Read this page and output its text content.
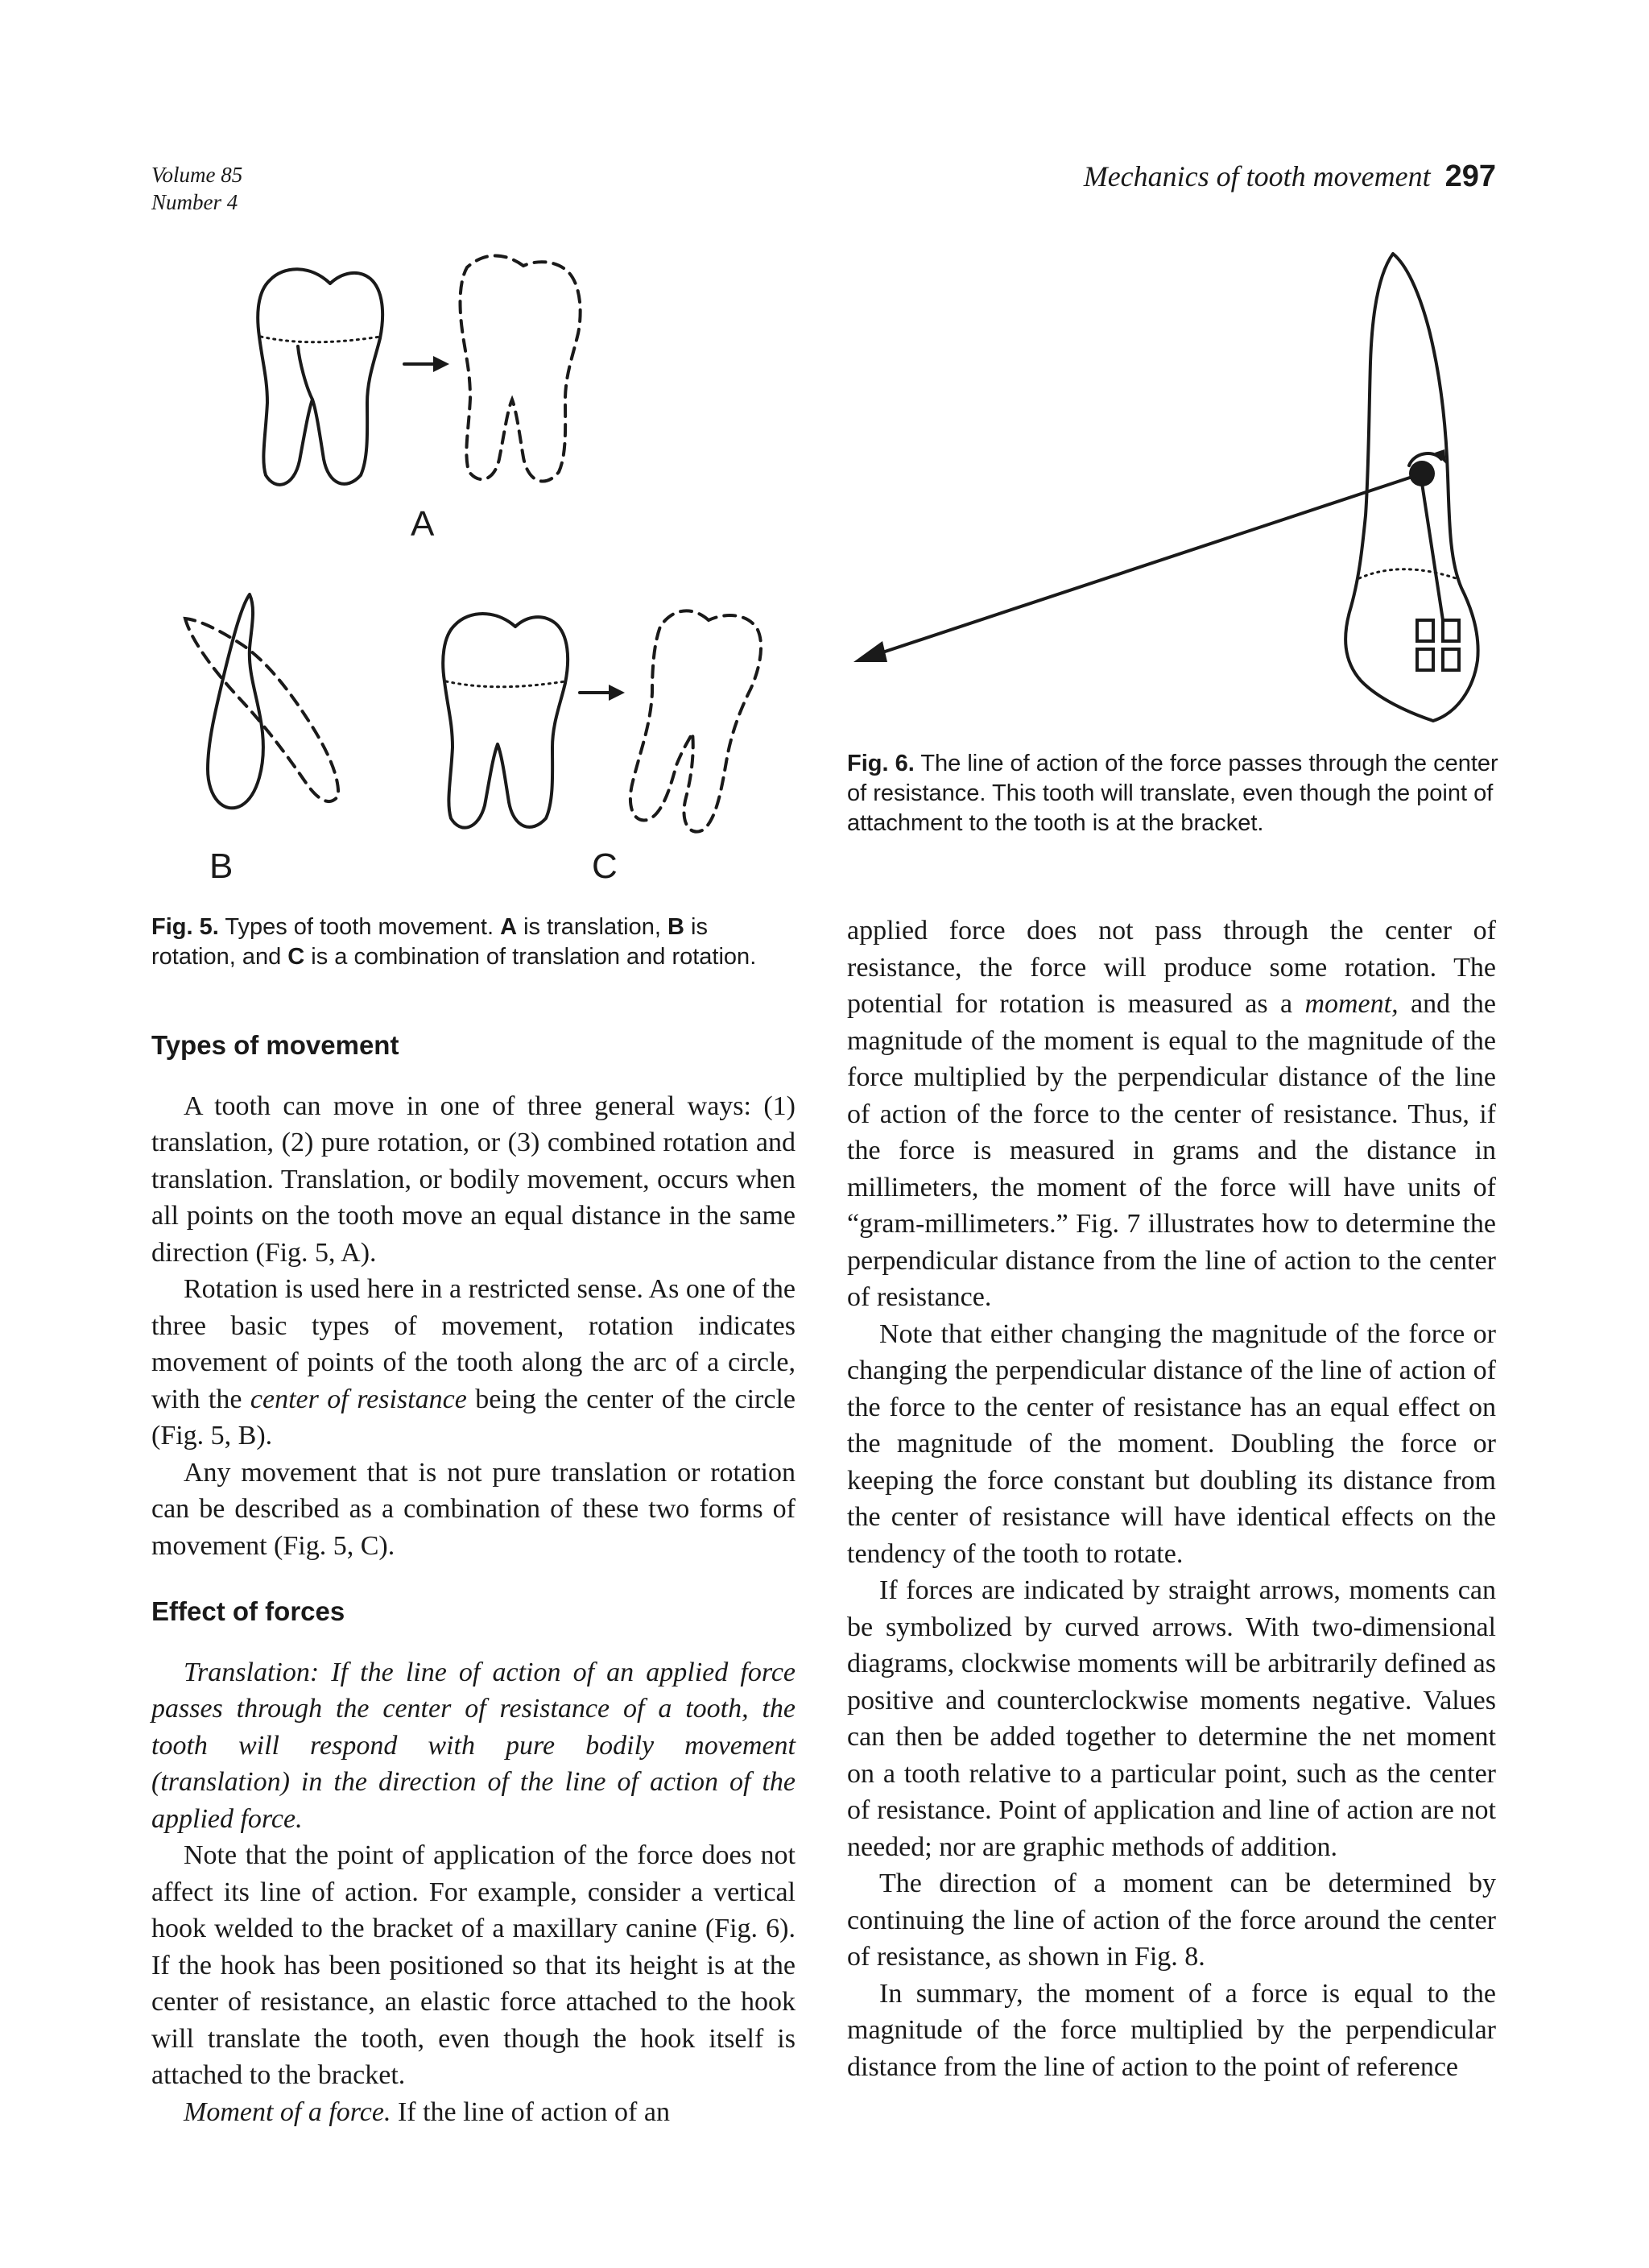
Volume 85
Number 4
Mechanics of tooth movement 297
A
B	C
Fig. 6. The line of action of the force passes through the center of resistance. This tooth will translate, even though the point of attachment to the tooth is at the bracket.
Fig. 5. Types of tooth movement. A is translation, B is rotation, and C is a combination of translation and rotation.
Types of movement

A tooth can move in one of three general ways: (1) translation, (2) pure rotation, or (3) combined rotation and translation. Translation, or bodily movement, occurs when all points on the tooth move an equal distance in the same direction (Fig. 5, A).

Rotation is used here in a restricted sense. As one of the three basic types of movement, rotation indicates movement of points of the tooth along the arc of a circle, with the center of resistance being the center of the circle (Fig. 5, B).

Any movement that is not pure translation or rotation can be described as a combination of these two forms of movement (Fig. 5, C).

Effect of forces

Translation: If the line of action of an applied force passes through the center of resistance of a tooth, the tooth will respond with pure bodily movement (translation) in the direction of the line of action of the applied force.

Note that the point of application of the force does not affect its line of action. For example, consider a vertical hook welded to the bracket of a maxillary canine (Fig. 6). If the hook has been positioned so that its height is at the center of resistance, an elastic force attached to the hook will translate the tooth, even though the hook itself is attached to the bracket.

Moment of a force. If the line of action of an

applied force does not pass through the center of resistance, the force will produce some rotation. The potential for rotation is measured as a moment, and the magnitude of the moment is equal to the magnitude of the force multiplied by the perpendicular distance of the line of action of the force to the center of resistance. Thus, if the force is measured in grams and the distance in millimeters, the moment of the force will have units of “gram-millimeters.” Fig. 7 illustrates how to determine the perpendicular distance from the line of action to the center of resistance.

Note that either changing the magnitude of the force or changing the perpendicular distance of the line of action of the force to the center of resistance has an equal effect on the magnitude of the moment. Doubling the force or keeping the force constant but doubling its distance from the center of resistance will have identical effects on the tendency of the tooth to rotate.

If forces are indicated by straight arrows, moments can be symbolized by curved arrows. With two-dimensional diagrams, clockwise moments will be arbitrarily defined as positive and counterclockwise moments negative. Values can then be added together to determine the net moment on a tooth relative to a particular point, such as the center of resistance. Point of application and line of action are not needed; nor are graphic methods of addition.

The direction of a moment can be determined by continuing the line of action of the force around the center of resistance, as shown in Fig. 8.

In summary, the moment of a force is equal to the magnitude of the force multiplied by the perpendicular distance from the line of action to the point of reference
